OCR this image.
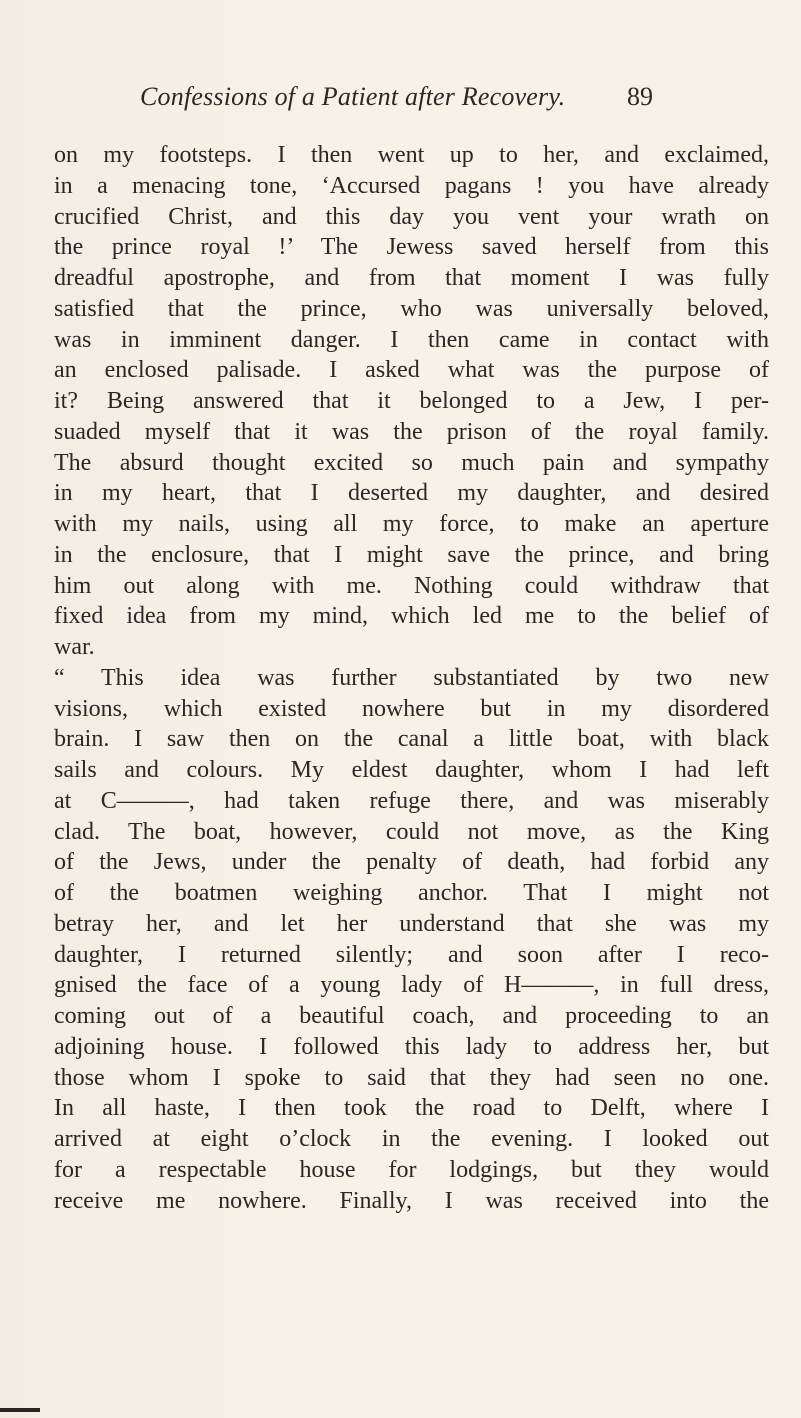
Confessions of a Patient after Recovery. 89
on my footsteps. I then went up to her, and exclaimed,
in a menacing tone, ‘Accursed pagans ! you have already
crucified Christ, and this day you vent your wrath on
the prince royal !’ The Jewess saved herself from this
dreadful apostrophe, and from that moment I was fully
satisfied that the prince, who was universally beloved,
was in imminent danger. I then came in contact with
an enclosed palisade. I asked what was the purpose of
it? Being answered that it belonged to a Jew, I per-
suaded myself that it was the prison of the royal family.
The absurd thought excited so much pain and sympathy
in my heart, that I deserted my daughter, and desired
with my nails, using all my force, to make an aperture
in the enclosure, that I might save the prince, and bring
him out along with me. Nothing could withdraw that
fixed idea from my mind, which led me to the belief of
war.
“ This idea was further substantiated by two new
visions, which existed nowhere but in my disordered
brain. I saw then on the canal a little boat, with black
sails and colours. My eldest daughter, whom I had left
at C———, had taken refuge there, and was miserably
clad. The boat, however, could not move, as the King
of the Jews, under the penalty of death, had forbid any
of the boatmen weighing anchor. That I might not
betray her, and let her understand that she was my
daughter, I returned silently; and soon after I reco-
gnised the face of a young lady of H———, in full dress,
coming out of a beautiful coach, and proceeding to an
adjoining house. I followed this lady to address her, but
those whom I spoke to said that they had seen no one.
In all haste, I then took the road to Delft, where I
arrived at eight o’clock in the evening. I looked out
for a respectable house for lodgings, but they would
receive me nowhere. Finally, I was received into the
